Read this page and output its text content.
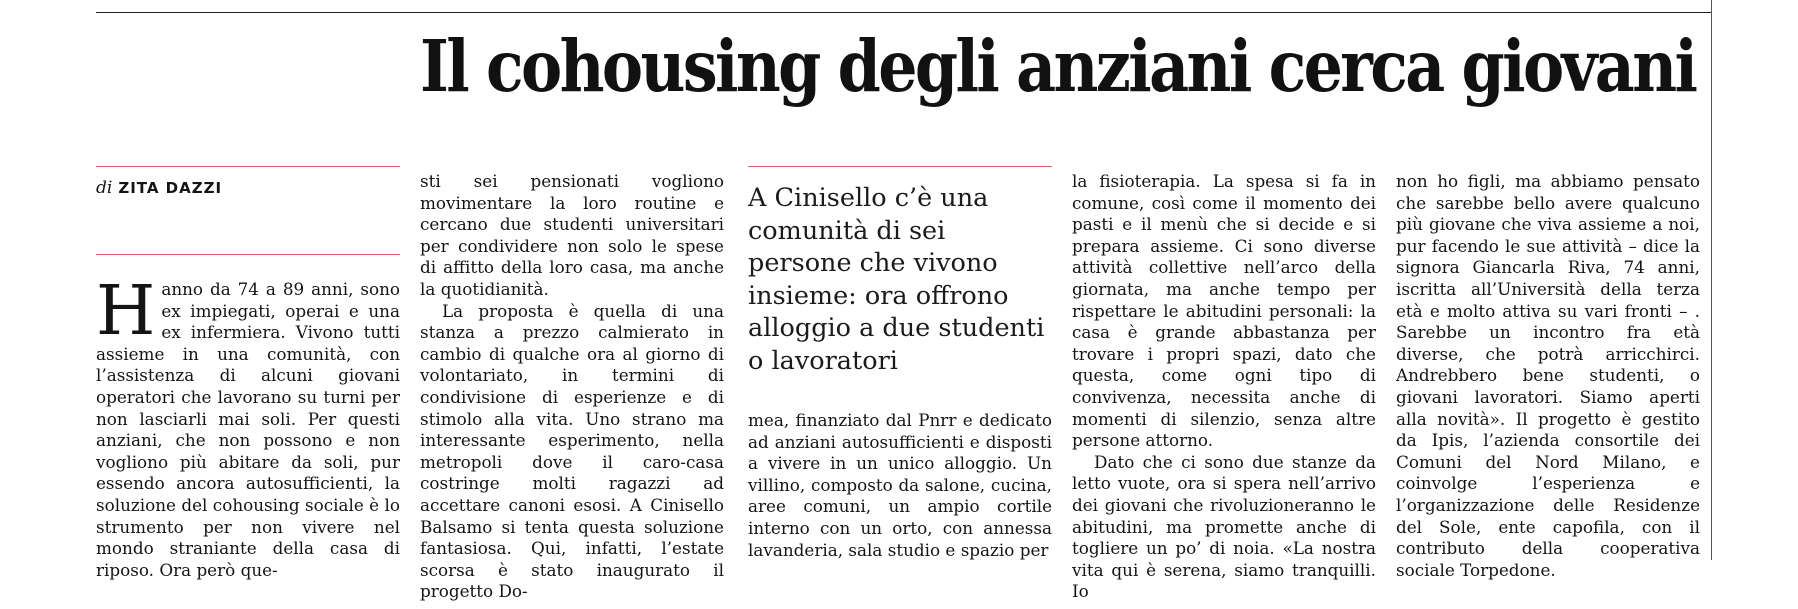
Il cohousing degli anziani cerca giovani
di ZITA DAZZI

Hanno da 74 a 89 anni, sono ex impiegati, operai e una ex infermiera. Vivono tutti assieme in una comunità, con l’assistenza di alcuni giovani operatori che lavorano su turni per non lasciarli mai soli. Per questi anziani, che non possono e non vogliono più abitare da soli, pur essendo ancora autosufficienti, la soluzione del cohousing sociale è lo strumento per non vivere nel mondo straniante della casa di riposo. Ora però que-

sti sei pensionati vogliono movimentare la loro routine e cercano due studenti universitari per condividere non solo le spese di affitto della loro casa, ma anche la quotidianità.

La proposta è quella di una stanza a prezzo calmierato in cambio di qualche ora al giorno di volontariato, in termini di condivisione di esperienze e di stimolo alla vita. Uno strano ma interessante esperimento, nella metropoli dove il caro-casa costringe molti ragazzi ad accettare canoni esosi. A Cinisello Balsamo si tenta questa soluzione fantasiosa. Qui, infatti, l’estate scorsa è stato inaugurato il progetto Do-

A Cinisello c’è una comunità di sei persone che vivono insieme: ora offrono alloggio a due studenti o lavoratori

mea, finanziato dal Pnrr e dedicato ad anziani autosufficienti e disposti a vivere in un unico alloggio. Un villino, composto da salone, cucina, aree comuni, un ampio cortile interno con un orto, con annessa lavanderia, sala studio e spazio per

la fisioterapia. La spesa si fa in comune, così come il momento dei pasti e il menù che si decide e si prepara assieme. Ci sono diverse attività collettive nell’arco della giornata, ma anche tempo per rispettare le abitudini personali: la casa è grande abbastanza per trovare i propri spazi, dato che questa, come ogni tipo di convivenza, necessita anche di momenti di silenzio, senza altre persone attorno.

Dato che ci sono due stanze da letto vuote, ora si spera nell’arrivo dei giovani che rivoluzioneranno le abitudini, ma promette anche di togliere un po’ di noia. «La nostra vita qui è serena, siamo tranquilli. Io

non ho figli, ma abbiamo pensato che sarebbe bello avere qualcuno più giovane che viva assieme a noi, pur facendo le sue attività – dice la signora Giancarla Riva, 74 anni, iscritta all’Università della terza età e molto attiva su vari fronti – . Sarebbe un incontro fra età diverse, che potrà arricchirci. Andrebbero bene studenti, o giovani lavoratori. Siamo aperti alla novità». Il progetto è gestito da Ipis, l’azienda consortile dei Comuni del Nord Milano, e coinvolge l’esperienza e l’organizzazione delle Residenze del Sole, ente capofila, con il contributo della cooperativa sociale Torpedone.
